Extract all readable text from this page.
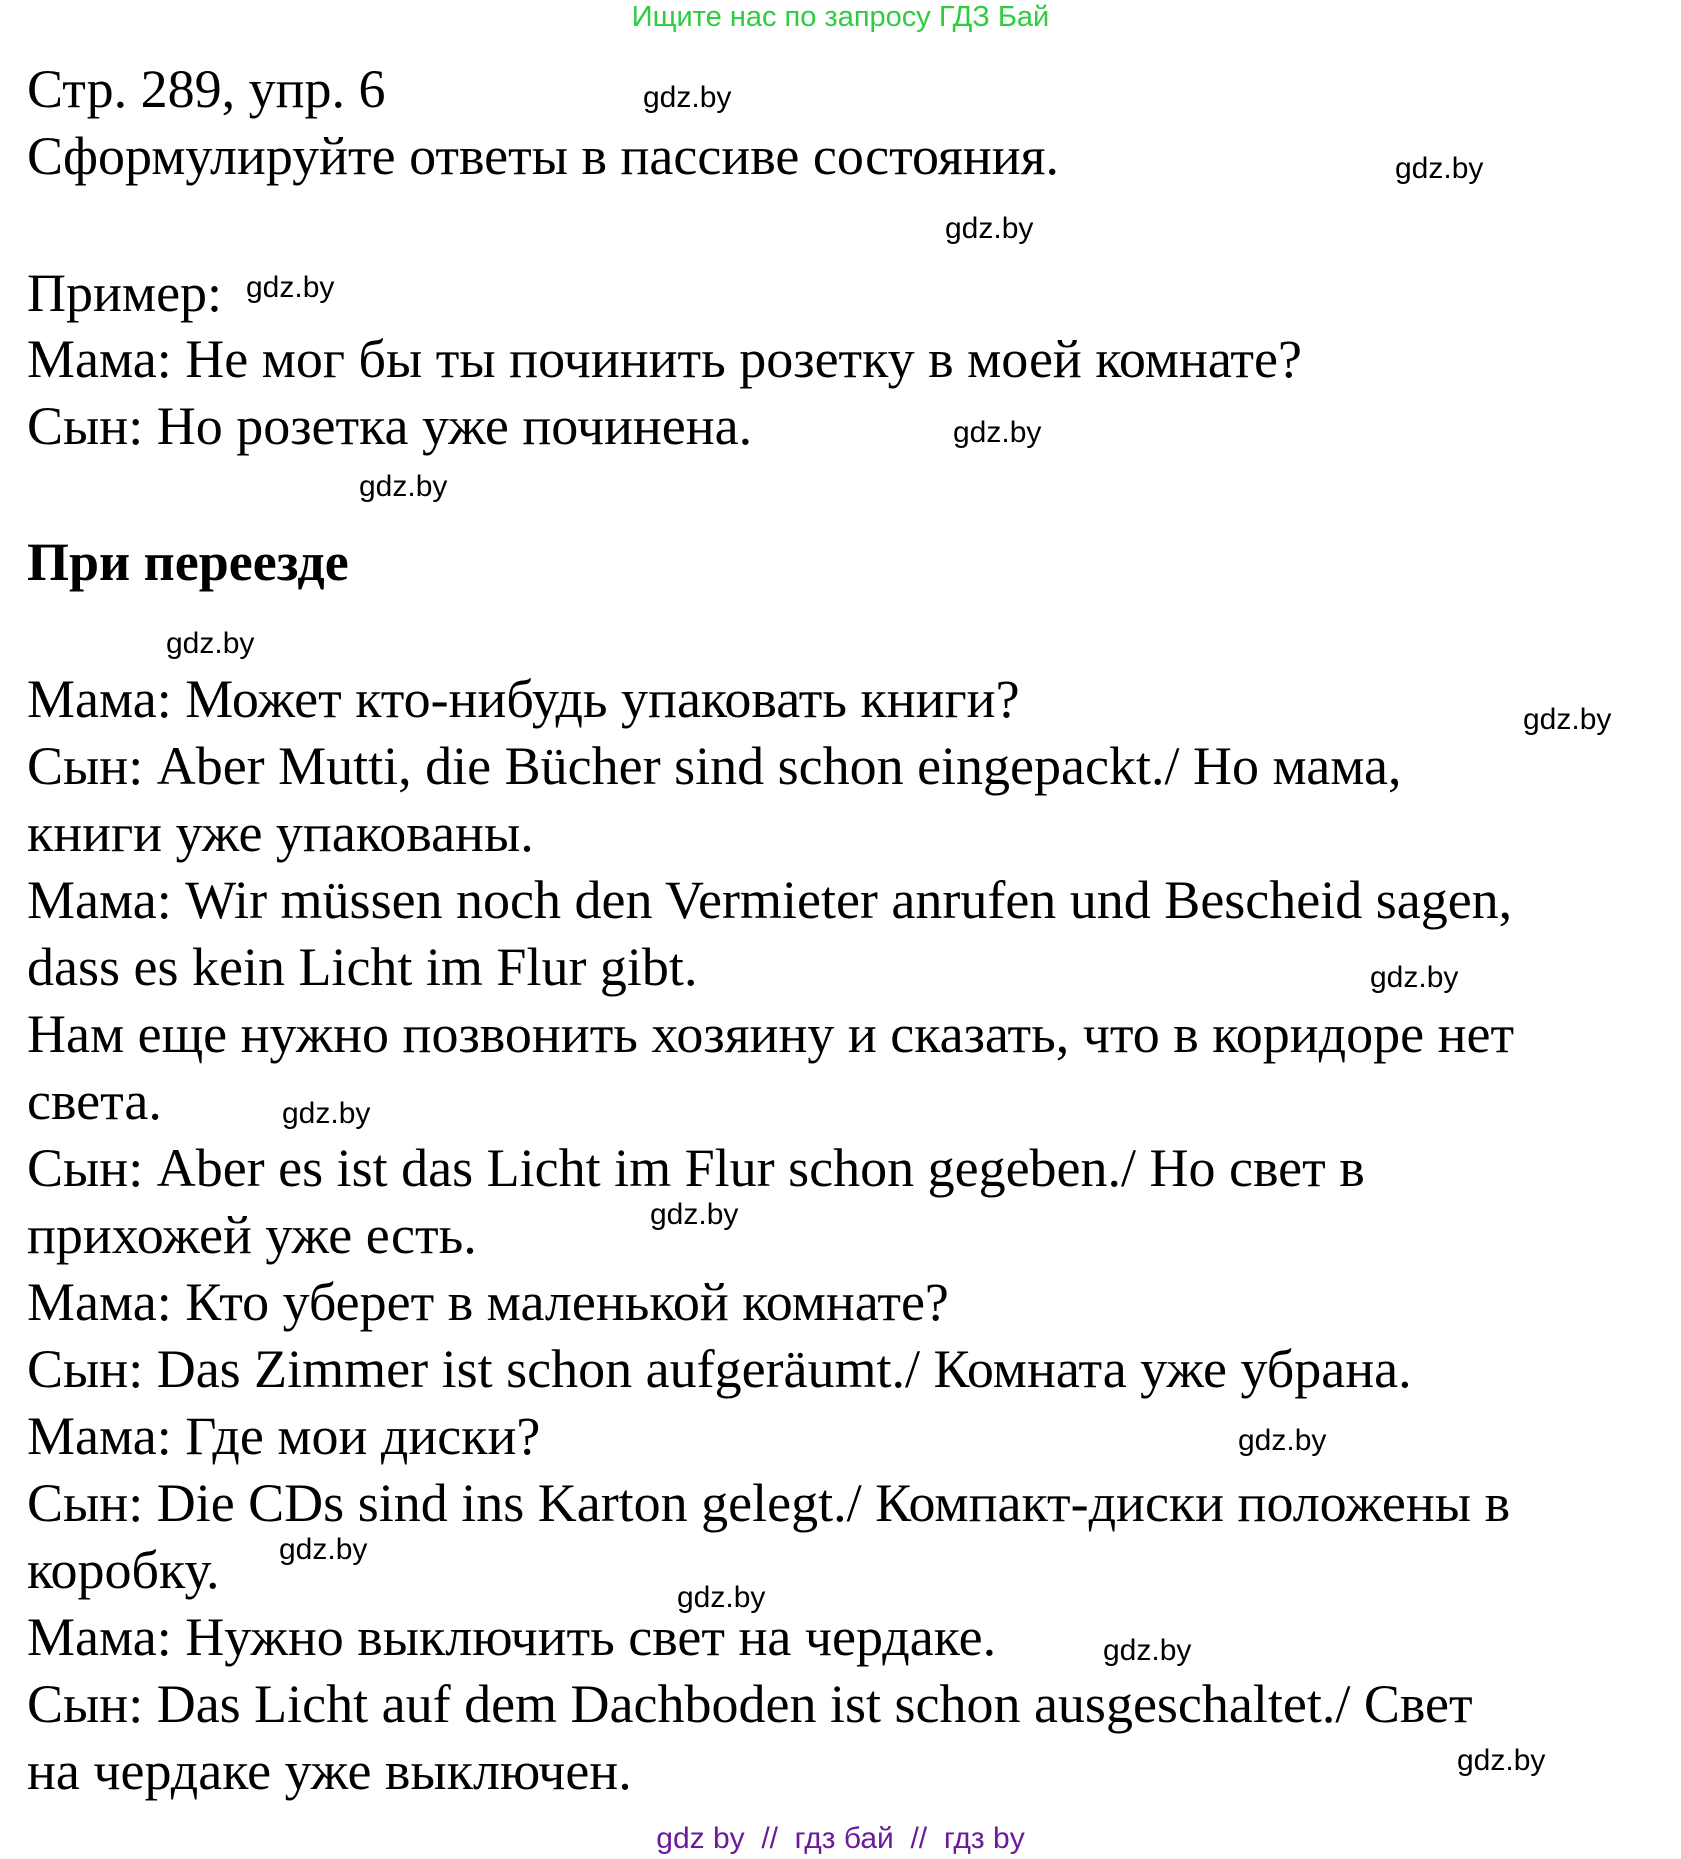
Ищите нас по запросу ГДЗ Бай
Стр. 289, упр. 6
Сформулируйте ответы в пассиве состояния.
Пример:
Мама: Не мог бы ты починить розетку в моей комнате?
Сын: Но розетка уже починена.
При переезде
Мама: Может кто-нибудь упаковать книги?
Сын: Aber Mutti, die Bücher sind schon eingepackt./ Но мама,
книги уже упакованы.
Мама: Wir müssen noch den Vermieter anrufen und Bescheid sagen,
dass es kein Licht im Flur gibt.
Нам еще нужно позвонить хозяину и сказать, что в коридоре нет
света.
Сын: Aber es ist das Licht im Flur schon gegeben./ Но свет в
прихожей уже есть.
Мама: Кто уберет в маленькой комнате?
Сын: Das Zimmer ist schon aufgeräumt./ Комната уже убрана.
Мама: Где мои диски?
Сын: Die CDs sind ins Karton gelegt./ Компакт-диски положены в
коробку.
Мама: Нужно выключить свет на чердаке.
Сын: Das Licht auf dem Dachboden ist schon ausgeschaltet./ Свет
на чердаке уже выключен.
gdz.by
gdz.by
gdz.by
gdz.by
gdz.by
gdz.by
gdz.by
gdz.by
gdz.by
gdz.by
gdz.by
gdz.by
gdz.by
gdz.by
gdz.by
gdz.by
gdz by  //  гдз бай  //  гдз by
